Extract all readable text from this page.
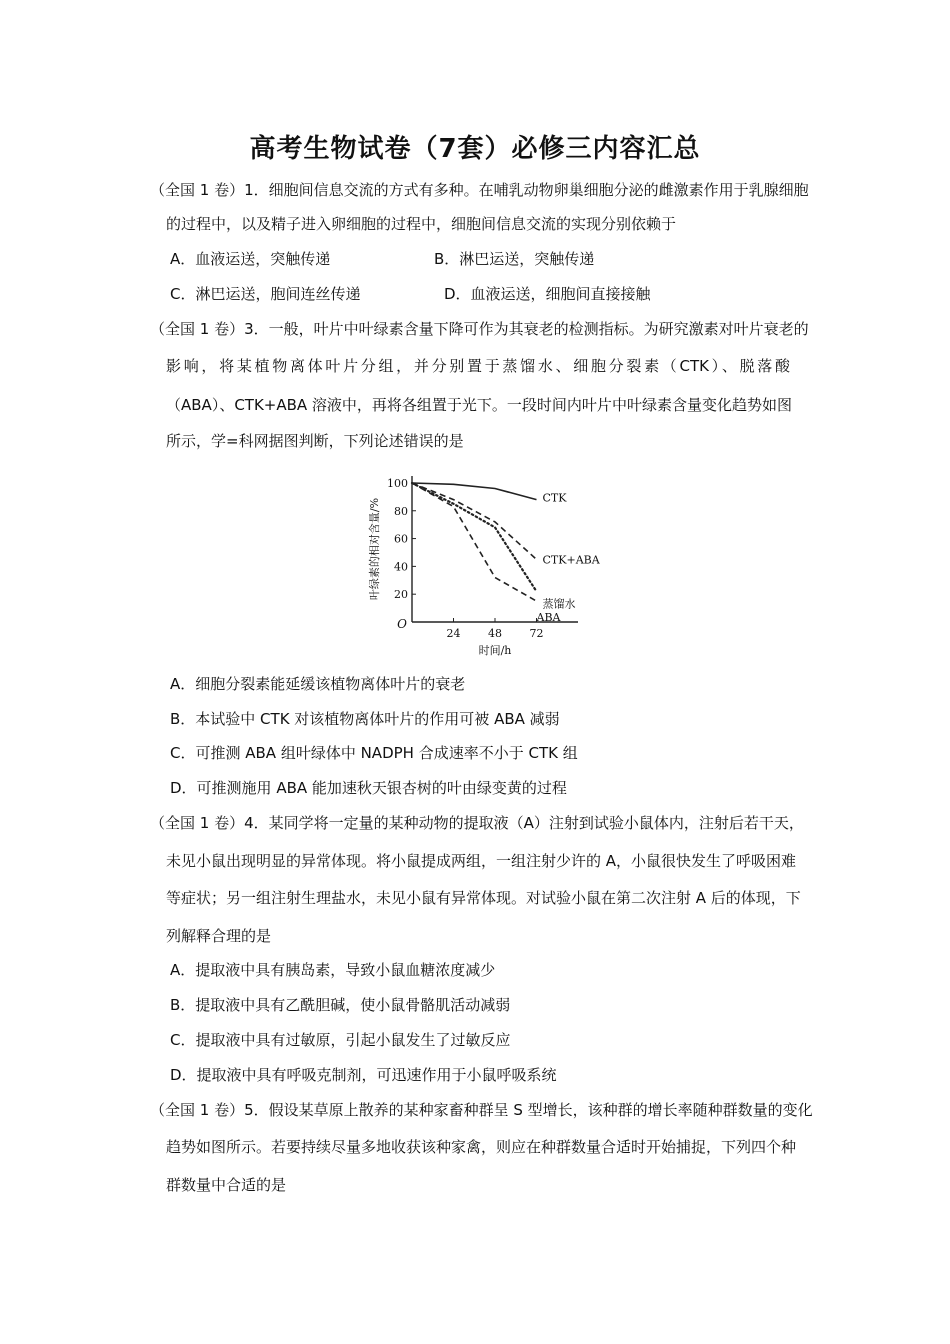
高考生物试卷（7套）必修三内容汇总
（全国 1 卷）1．细胞间信息交流的方式有多种。在哺乳动物卵巢细胞分泌的雌激素作用于乳腺细胞
的过程中，以及精子进入卵细胞的过程中，细胞间信息交流的实现分别依赖于
A．血液运送，突触传递	B．淋巴运送，突触传递
C．淋巴运送，胞间连丝传递	D．血液运送，细胞间直接接触
（全国 1 卷）3．一般，叶片中叶绿素含量下降可作为其衰老的检测指标。为研究激素对叶片衰老的
影响，将某植物离体叶片分组，并分别置于蒸馏水、细胞分裂素（CTK）、脱落酸
（ABA）、CTK+ABA 溶液中，再将各组置于光下。一段时间内叶片中叶绿素含量变化趋势如图
所示，学=科网据图判断，下列论述错误的是
20
40
60
80
100
24	48	72
O
时间/h
叶绿素的相对含量/%	CTK
CTK+ABA
蒸馏水
ABA
A．细胞分裂素能延缓该植物离体叶片的衰老
B．本试验中 CTK 对该植物离体叶片的作用可被 ABA 减弱
C．可推测 ABA 组叶绿体中 NADPH 合成速率不小于 CTK 组
D．可推测施用 ABA 能加速秋天银杏树的叶由绿变黄的过程
（全国 1 卷）4．某同学将一定量的某种动物的提取液（A）注射到试验小鼠体内，注射后若干天，
未见小鼠出现明显的异常体现。将小鼠提成两组，一组注射少许的 A，小鼠很快发生了呼吸困难
等症状；另一组注射生理盐水，未见小鼠有异常体现。对试验小鼠在第二次注射 A 后的体现，下
列解释合理的是
A．提取液中具有胰岛素，导致小鼠血糖浓度减少
B．提取液中具有乙酰胆碱，使小鼠骨骼肌活动减弱
C．提取液中具有过敏原，引起小鼠发生了过敏反应
D．提取液中具有呼吸克制剂，可迅速作用于小鼠呼吸系统
（全国 1 卷）5．假设某草原上散养的某种家畜种群呈 S 型增长，该种群的增长率随种群数量的变化
趋势如图所示。若要持续尽量多地收获该种家禽，则应在种群数量合适时开始捕捉，下列四个种
群数量中合适的是
